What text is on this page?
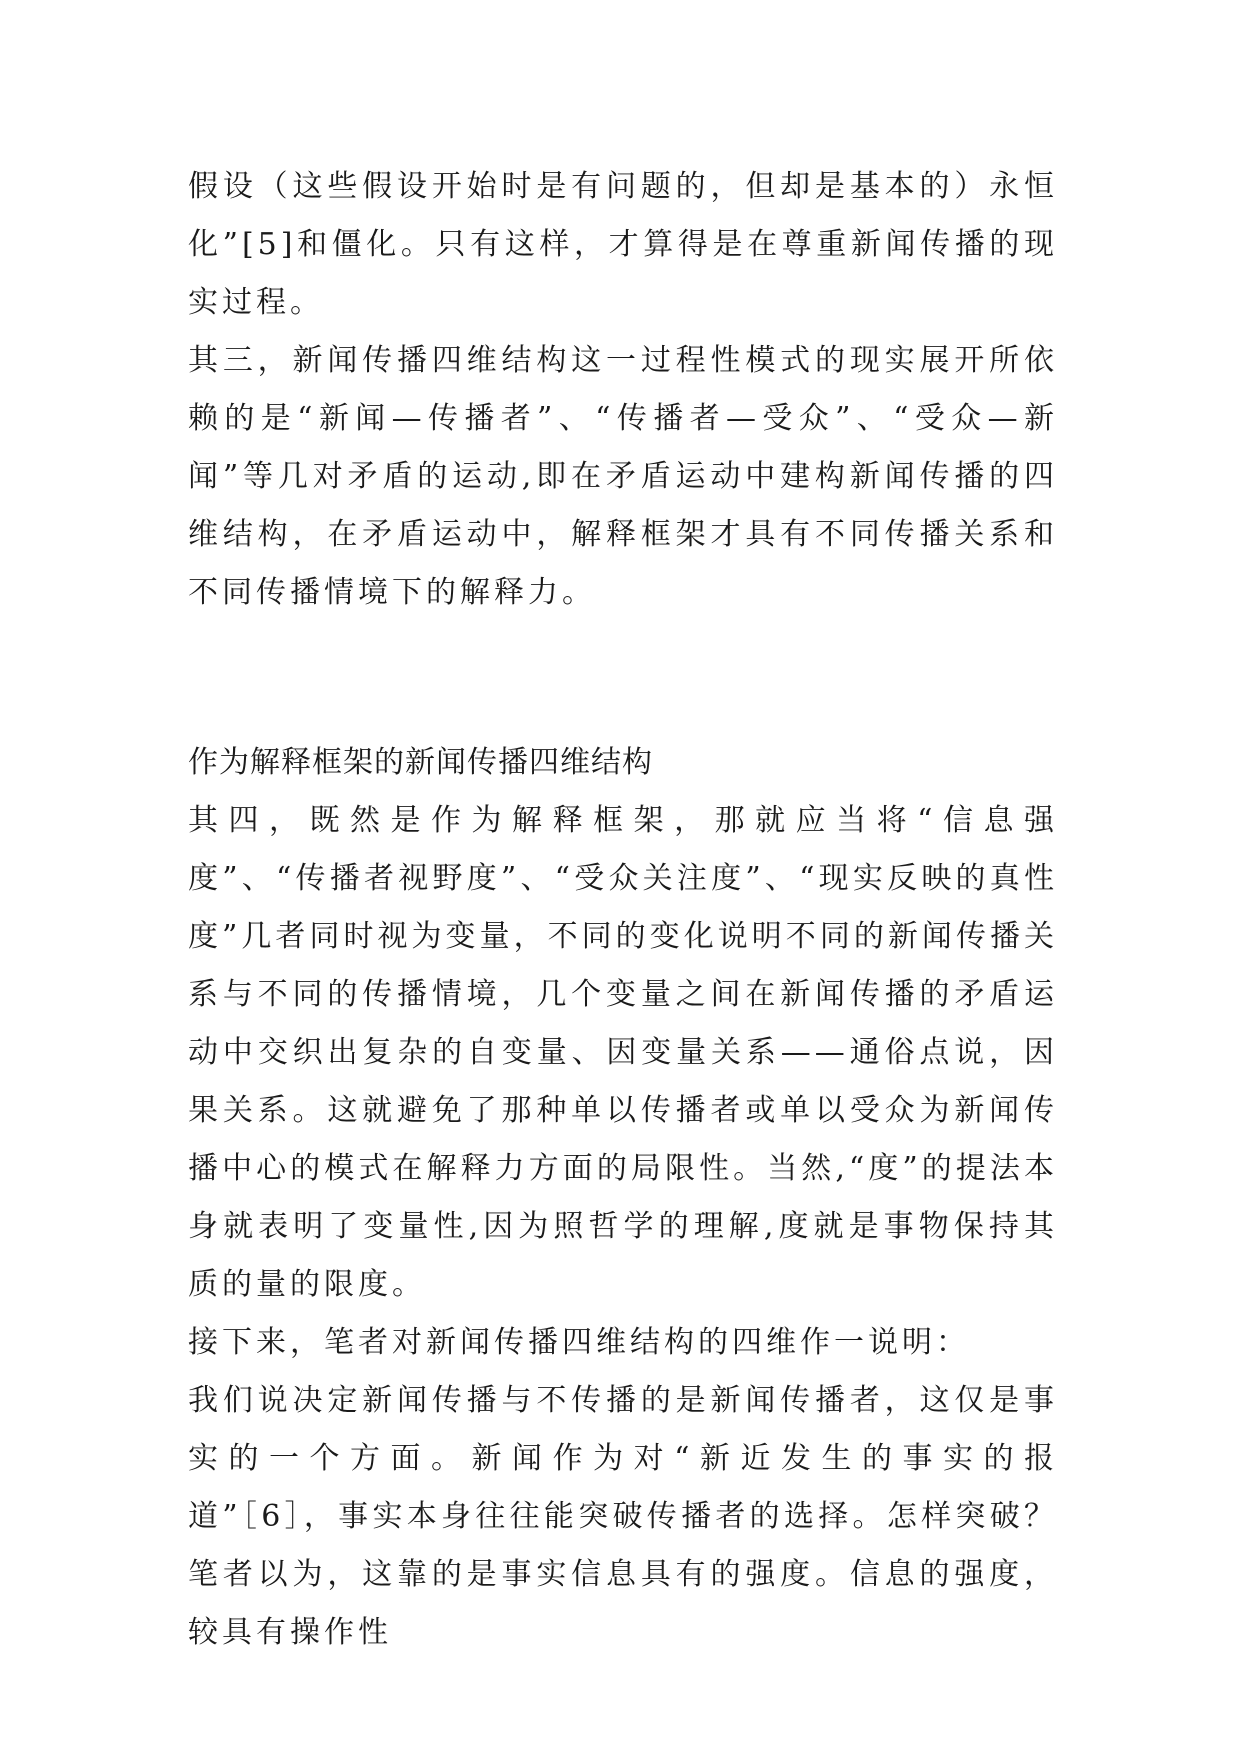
假设（这些假设开始时是有问题的，但却是基本的）永恒化”[5]和僵化。只有这样，才算得是在尊重新闻传播的现实过程。

其三，新闻传播四维结构这一过程性模式的现实展开所依赖的是“新闻—传播者”、“传播者—受众”、“受众—新闻”等几对矛盾的运动,即在矛盾运动中建构新闻传播的四维结构，在矛盾运动中，解释框架才具有不同传播关系和不同传播情境下的解释力。

作为解释框架的新闻传播四维结构

其四，既然是作为解释框架，那就应当将“信息强度”、“传播者视野度”、“受众关注度”、“现实反映的真性度”几者同时视为变量，不同的变化说明不同的新闻传播关系与不同的传播情境，几个变量之间在新闻传播的矛盾运动中交织出复杂的自变量、因变量关系——通俗点说，因果关系。这就避免了那种单以传播者或单以受众为新闻传播中心的模式在解释力方面的局限性。当然,“度”的提法本身就表明了变量性,因为照哲学的理解,度就是事物保持其质的量的限度。

接下来，笔者对新闻传播四维结构的四维作一说明：

我们说决定新闻传播与不传播的是新闻传播者，这仅是事实的一个方面。新闻作为对“新近发生的事实的报道”［6］，事实本身往往能突破传播者的选择。怎样突破？笔者以为，这靠的是事实信息具有的强度。信息的强度，较具有操作性
